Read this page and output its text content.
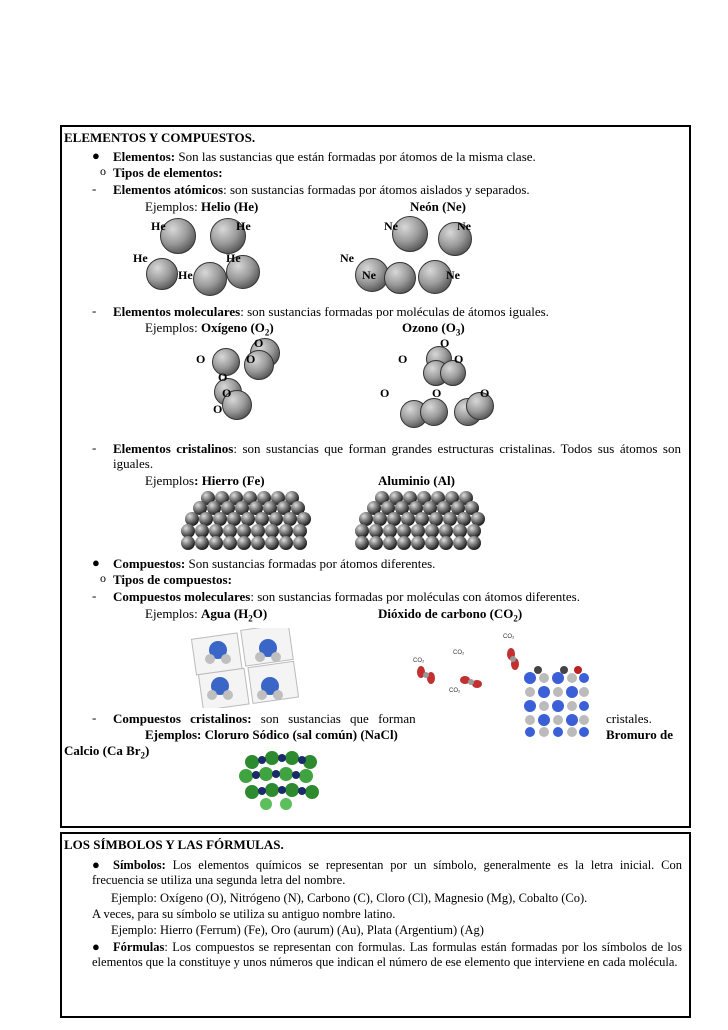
ELEMENTOS Y COMPUESTOS.
● Elementos: Son las sustancias que están formadas por átomos de la misma clase.
o Tipos de elementos:
- Elementos atómicos: son sustancias formadas por átomos aislados y separados.
Ejemplos: Helio (He)	Neón (Ne)
He	He
He	He
He
Ne	Ne
Ne
Ne	Ne
- Elementos moleculares: son sustancias formadas por moléculas de átomos iguales.
Ejemplos: Oxígeno $(O_2)$	Ozono $(O_3)$
O
O	O
O
O
O
O
O	O
O	O	O
- Elementos cristalinos: son sustancias que forman grandes estructuras cristalinas. Todos sus átomos son iguales.
Ejemplos: Hierro (Fe)	Aluminio (Al)
● Compuestos: Son sustancias formadas por átomos diferentes.
o Tipos de compuestos:
- Compuestos moleculares: son sustancias formadas por moléculas con átomos diferentes.
Ejemplos: Agua $(H_2O)$	Dióxido de carbono $(CO_2)$
CO₂
CO₂
CO₂
CO₂
- Compuestos cristalinos: son sustancias que forman	cristales.
Ejemplos: Cloruro Sódico (sal común) (NaCl)	Bromuro de
Calcio (Ca $Br_2$)
LOS SÍMBOLOS Y LAS FÓRMULAS.
●	Símbolos: Los elementos químicos se representan por un símbolo, generalmente es la letra inicial. Con frecuencia se utiliza una segunda letra del nombre.
Ejemplo: Oxígeno (O), Nitrógeno (N), Carbono (C), Cloro (Cl), Magnesio (Mg), Cobalto (Co).
A veces, para su símbolo se utiliza su antiguo nombre latino.
Ejemplo: Hierro (Ferrum) (Fe), Oro (aurum) (Au), Plata (Argentium) (Ag)
●	Fórmulas: Los compuestos se representan con formulas. Las formulas están formadas por los símbolos de los elementos que la constituye y unos números que indican el número de ese elemento que interviene en cada molécula.
